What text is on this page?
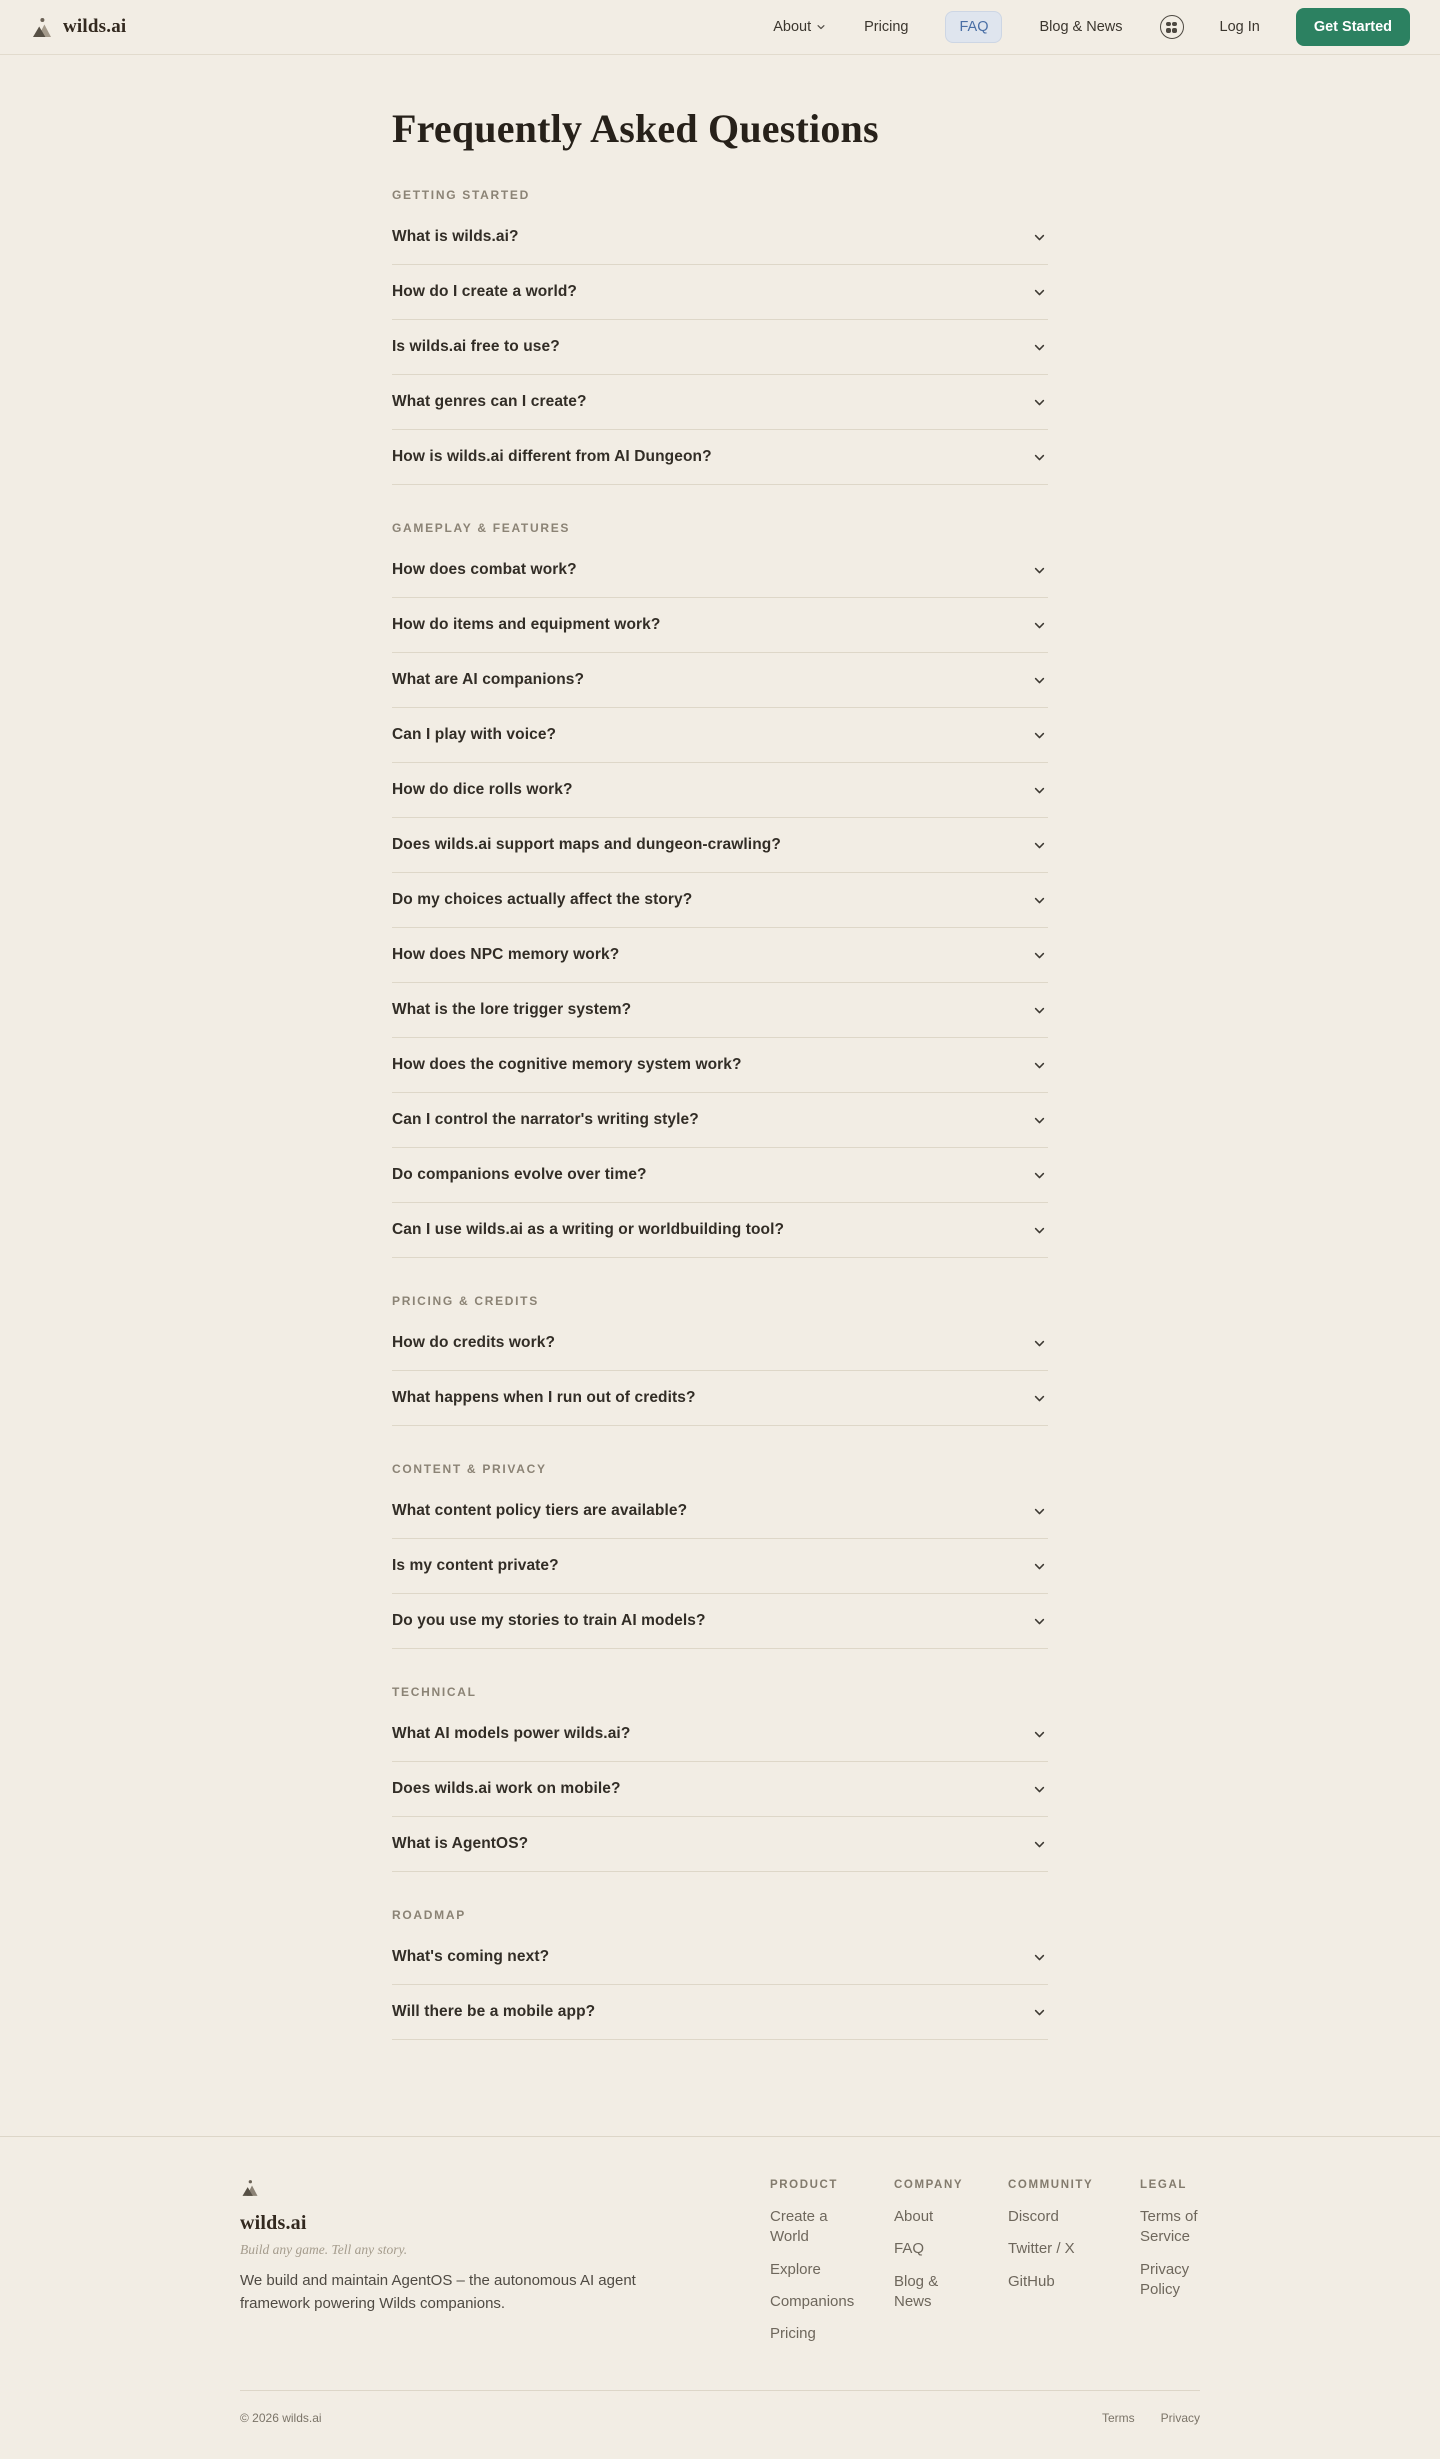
wilds.ai	About	Pricing	FAQ	Blog & News	Log In	Get Started
Frequently Asked Questions
GETTING STARTED
What is wilds.ai?
How do I create a world?
Is wilds.ai free to use?
What genres can I create?
How is wilds.ai different from AI Dungeon?
GAMEPLAY & FEATURES
How does combat work?
How do items and equipment work?
What are AI companions?
Can I play with voice?
How do dice rolls work?
Does wilds.ai support maps and dungeon-crawling?
Do my choices actually affect the story?
How does NPC memory work?
What is the lore trigger system?
How does the cognitive memory system work?
Can I control the narrator's writing style?
Do companions evolve over time?
Can I use wilds.ai as a writing or worldbuilding tool?
PRICING & CREDITS
How do credits work?
What happens when I run out of credits?
CONTENT & PRIVACY
What content policy tiers are available?
Is my content private?
Do you use my stories to train AI models?
TECHNICAL
What AI models power wilds.ai?
Does wilds.ai work on mobile?
What is AgentOS?
ROADMAP
What's coming next?
Will there be a mobile app?
wilds.ai

Build any game. Tell any story.

We build and maintain AgentOS – the autonomous AI agent framework powering Wilds companions.

PRODUCT
Create a World
Explore
Companions
Pricing
COMPANY
About
FAQ
Blog & News
COMMUNITY
Discord
Twitter / X
GitHub
LEGAL
Terms of Service
Privacy Policy
© 2026 wilds.ai	Terms Privacy
